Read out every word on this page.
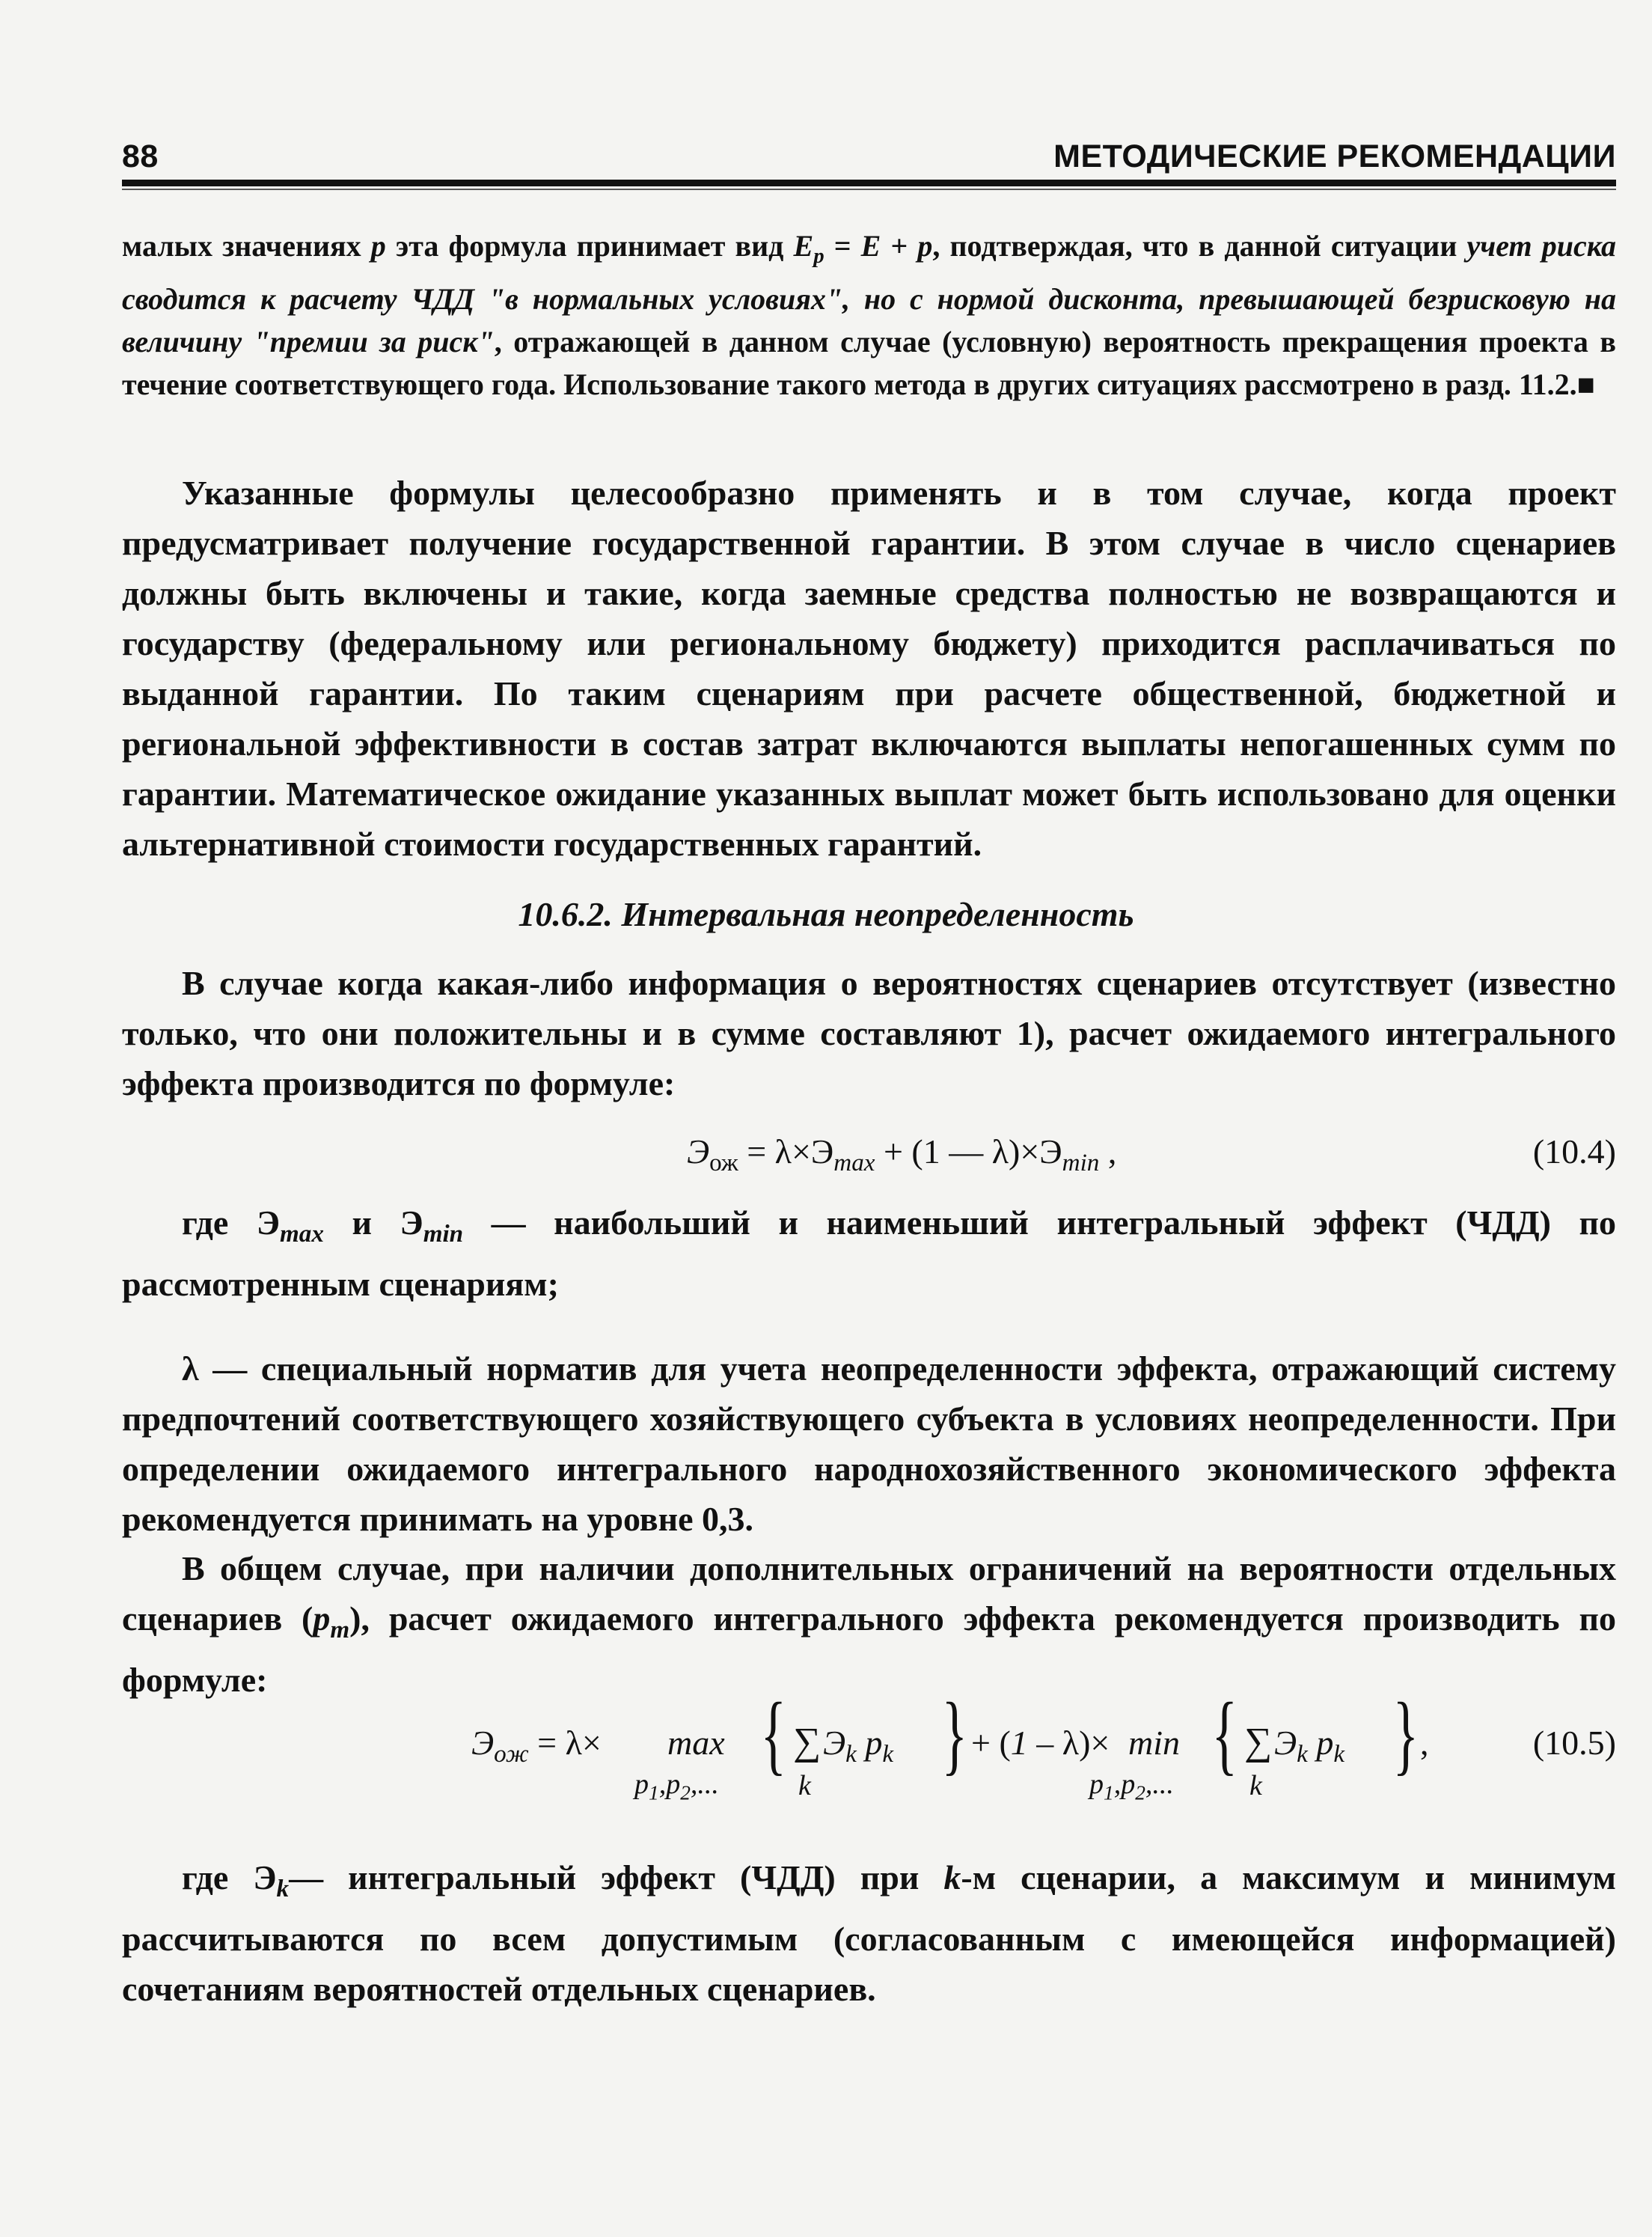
88	МЕТОДИЧЕСКИЕ РЕКОМЕНДАЦИИ
малых значениях p эта формула принимает вид $E_p = E + p$, подтверждая, что в данной ситуации учет риска сводится к расчету ЧДД "в нормальных условиях", но с нормой дисконта, превышающей безрисковую на величину "премии за риск", отражающей в данном случае (условную) вероятность прекращения проекта в течение соответствующего года. Использование такого метода в других ситуациях рассмотрено в разд. 11.2.■
Указанные формулы целесообразно применять и в том случае, когда проект предусматривает получение государственной гарантии. В этом случае в число сценариев должны быть включены и такие, когда заемные средства полностью не возвращаются и государству (федеральному или региональному бюджету) приходится расплачиваться по выданной гарантии. По таким сценариям при расчете общественной, бюджетной и региональной эффективности в состав затрат включаются выплаты непогашенных сумм по гарантии. Математическое ожидание указанных выплат может быть использовано для оценки альтернативной стоимости государственных гарантий.
10.6.2. Интервальная неопределенность
В случае когда какая-либо информация о вероятностях сценариев отсутствует (известно только, что они положительны и в сумме составляют 1), расчет ожидаемого интегрального эффекта производится по формуле:
$Э_{ож} = \lambda\times Э_{max} + (1$ — $\lambda)\times Э_{min}$ ,	(10.4)
где $Э_{max}$ и $Э_{min}$ — наибольший и наименьший интегральный эффект (ЧДД) по рассмотренным сценариям;
λ — специальный норматив для учета неопределенности эффекта, отражающий систему предпочтений соответствующего хозяйствующего субъекта в условиях неопределенности. При определении ожидаемого интегрального народнохозяйственного экономического эффекта рекомендуется принимать на уровне 0,3.
В общем случае, при наличии дополнительных ограничений на вероятности отдельных сценариев $(p_m)$, расчет ожидаемого интегрального эффекта рекомендуется производить по формуле:
$Э_{ож} = \lambda\times \max$
$p_1,p_2$,...
{ ∑ $Э_k$ $p_k$
k
} + (1 – λ)× min
$p_1,p_2$,...
{ ∑ $Э_k$ $p_k$
k
} ,	(10.5)
где $Э_k—$ интегральный эффект (ЧДД) при k-м сценарии, а максимум и минимум рассчитываются по всем допустимым (согласованным с имеющейся информацией) сочетаниям вероятностей отдельных сценариев.
